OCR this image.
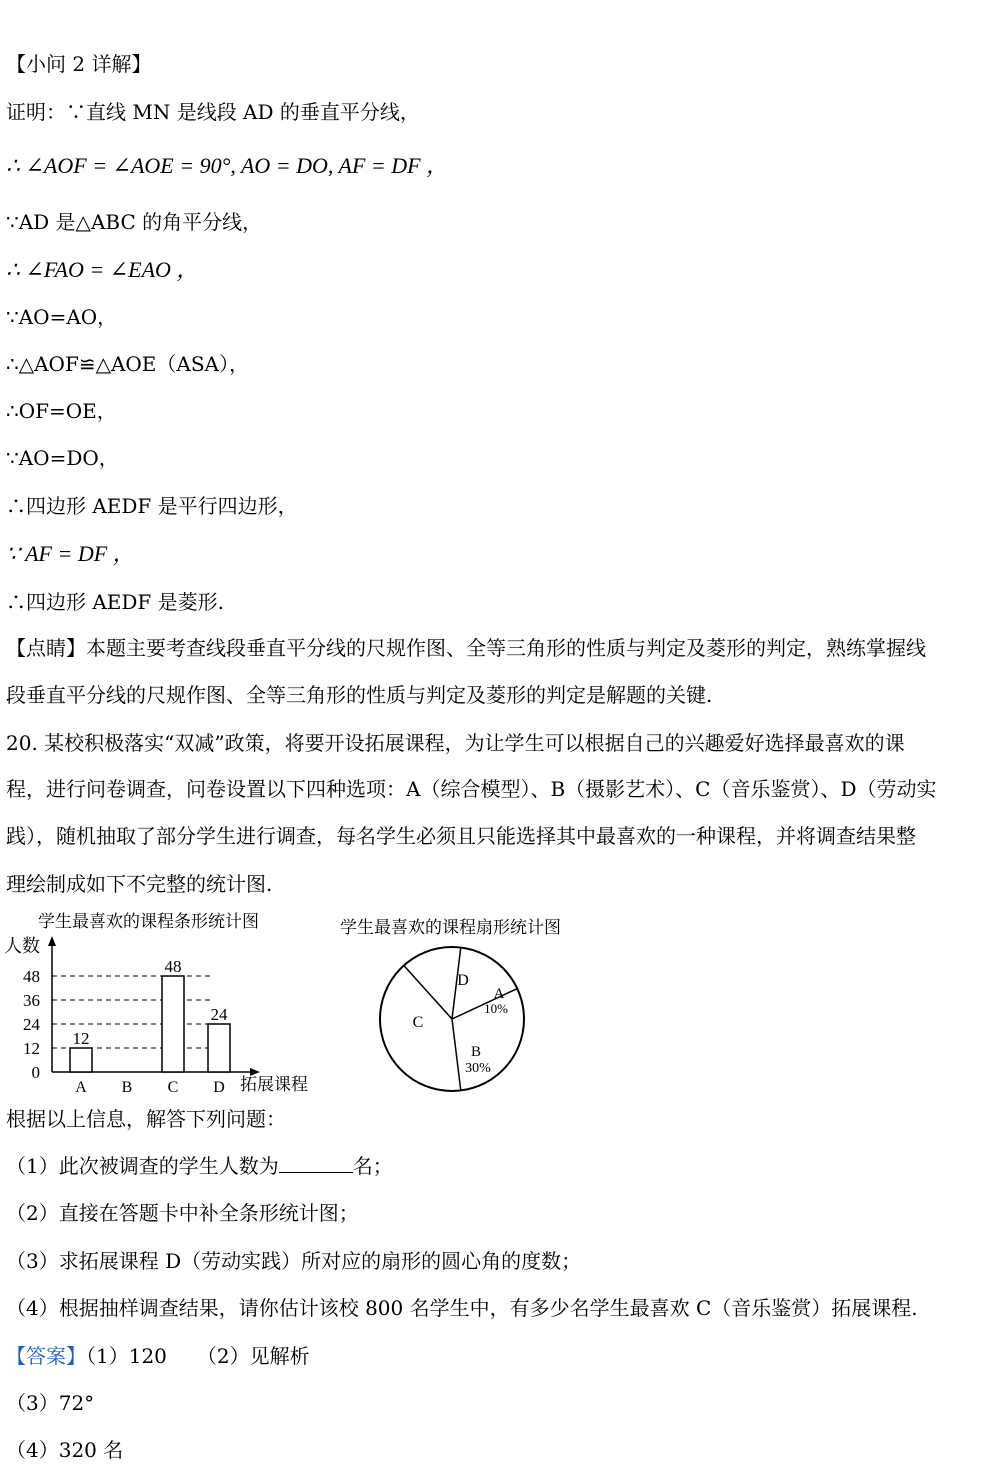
【小问 2 详解】
证明：∵直线 MN 是线段 AD 的垂直平分线，
∴ ∠AOF = ∠AOE = 90°, AO = DO, AF = DF ，
∵AD 是△ABC 的角平分线，
∴ ∠FAO = ∠EAO ，
∵AO=AO，
∴△AOF≌△AOE（ASA），
∴OF=OE，
∵AO=DO，
∴四边形 AEDF 是平行四边形，
∵ AF = DF ，
∴四边形 AEDF 是菱形.
【点睛】本题主要考查线段垂直平分线的尺规作图、全等三角形的性质与判定及菱形的判定，熟练掌握线
段垂直平分线的尺规作图、全等三角形的性质与判定及菱形的判定是解题的关键.
20. 某校积极落实“双减”政策，将要开设拓展课程，为让学生可以根据自己的兴趣爱好选择最喜欢的课
程，进行问卷调查，问卷设置以下四种选项：A（综合模型）、B（摄影艺术）、C（音乐鉴赏）、D（劳动实
践），随机抽取了部分学生进行调查，每名学生必须且只能选择其中最喜欢的一种课程，并将调查结果整
理绘制成如下不完整的统计图.
学生最喜欢的课程条形统计图
人数
拓展课程
0
12
24
36
48
A
12
B C
48
D
24
学生最喜欢的课程扇形统计图
A
10%
B
30%
C
D
根据以上信息，解答下列问题：
（1）此次被调查的学生人数为	名；
（2）直接在答题卡中补全条形统计图；
（3）求拓展课程 D（劳动实践）所对应的扇形的圆心角的度数；
（4）根据抽样调查结果，请你估计该校 800 名学生中，有多少名学生最喜欢 C（音乐鉴赏）拓展课程.
【答案】（1）120　　（2）见解析
（3）72°
（4）320 名
